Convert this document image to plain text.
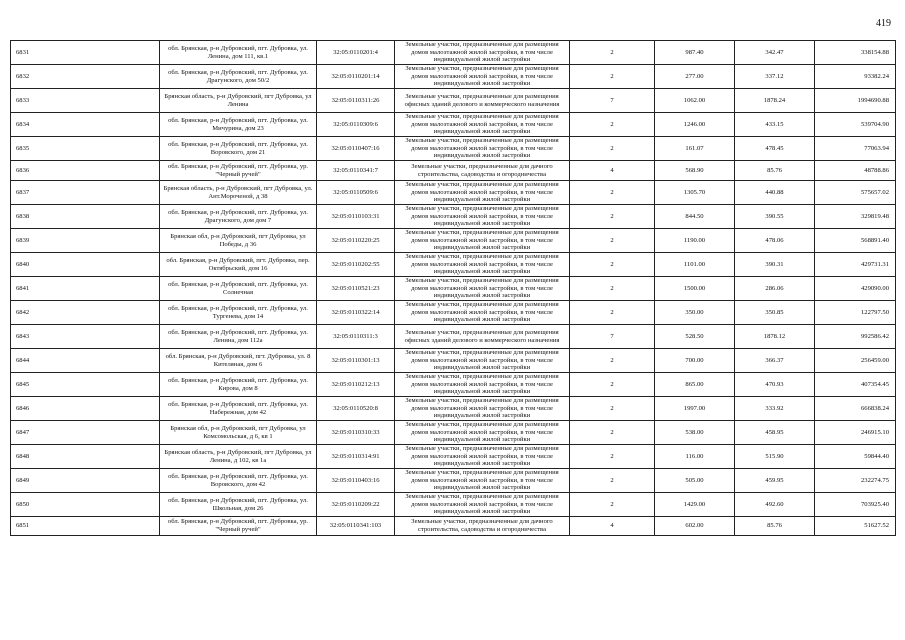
419
6831	обл. Брянская, р-н Дубровский, пгт. Дубровка, ул. Ленина, дом 111, кв.1	32:05:0110201:4	Земельные участки, предназначенные для размещения домов малоэтажной жилой застройки, в том числе индивидуальной жилой застройки	2	987.40	342.47	338154.88
6832	обл. Брянская, р-н Дубровский, пгт. Дубровка, ул. Драгунского, дом 50/2	32:05:0110201:14	Земельные участки, предназначенные для размещения домов малоэтажной жилой застройки, в том числе индивидуальной жилой застройки	2	277.00	337.12	93382.24
6833	Брянская область, р-н Дубровский, пгт Дубровка, ул Ленина	32:05:0110311:26	Земельные участки, предназначенные для размещения офисных зданий делового и коммерческого назначения	7	1062.00	1878.24	1994690.88
6834	обл. Брянская, р-н Дубровский, пгт. Дубровка, ул. Мичурина, дом 23	32:05:0110309:6	Земельные участки, предназначенные для размещения домов малоэтажной жилой застройки, в том числе индивидуальной жилой застройки	2	1246.00	433.15	539704.90
6835	обл. Брянская, р-н Дубровский, пгт. Дубровка, ул. Воровского, дом 21	32:05:0110407:16	Земельные участки, предназначенные для размещения домов малоэтажной жилой застройки, в том числе индивидуальной жилой застройки	2	161.07	478.45	77063.94
6836	обл. Брянская, р-н Дубровский, пгт. Дубровка, ур. "Черный ручей"	32:05:0110341:7	Земельные участки, предназначенные для дачного строительства, садоводства и огородничества	4	568.90	85.76	48788.86
6837	Брянская область, р-н Дубровский, пгт Дубровка, ул. Ант.Мороченой, д 38	32:05:0110509:6	Земельные участки, предназначенные для размещения домов малоэтажной жилой застройки, в том числе индивидуальной жилой застройки	2	1305.70	440.88	575657.02
6838	обл. Брянская, р-н Дубровский, пгт. Дубровка, ул. Драгунского, дом дом 7	32:05:0110103:31	Земельные участки, предназначенные для размещения домов малоэтажной жилой застройки, в том числе индивидуальной жилой застройки	2	844.50	390.55	329819.48
6839	Брянская обл, р-н Дубровский, пгт Дубровка, ул Победы, д 36	32:05:0110220:25	Земельные участки, предназначенные для размещения домов малоэтажной жилой застройки, в том числе индивидуальной жилой застройки	2	1190.00	478.06	568891.40
6840	обл. Брянская, р-н Дубровский, пгт. Дубровка, пер. Октябрьский, дом 16	32:05:0110202:55	Земельные участки, предназначенные для размещения домов малоэтажной жилой застройки, в том числе индивидуальной жилой застройки	2	1101.00	390.31	429731.31
6841	обл. Брянская, р-н Дубровский, пгт. Дубровка, ул. Солнечная	32:05:0110521:23	Земельные участки, предназначенные для размещения домов малоэтажной жилой застройки, в том числе индивидуальной жилой застройки	2	1500.00	286.06	429090.00
6842	обл. Брянская, р-н Дубровский, пгт. Дубровка, ул. Тургенева, дом 14	32:05:0110322:14	Земельные участки, предназначенные для размещения домов малоэтажной жилой застройки, в том числе индивидуальной жилой застройки	2	350.00	350.85	122797.50
6843	обл. Брянская, р-н Дубровский, пгт. Дубровка, ул. Ленина, дом 112а	32:05:0110311:3	Земельные участки, предназначенные для размещения офисных зданий делового и коммерческого назначения	7	528.50	1878.12	992586.42
6844	обл. Брянская, р-н Дубровский, пгт. Дубровка, ул. 8 Кителяная, дом 6	32:05:0110301:13	Земельные участки, предназначенные для размещения домов малоэтажной жилой застройки, в том числе индивидуальной жилой застройки	2	700.00	366.37	256459.00
6845	обл. Брянская, р-н Дубровский, пгт. Дубровка, ул. Кирова, дом 8	32:05:0110212:13	Земельные участки, предназначенные для размещения домов малоэтажной жилой застройки, в том числе индивидуальной жилой застройки	2	865.00	470.93	407354.45
6846	обл. Брянская, р-н Дубровский, пгт. Дубровка, ул. Набережная, дом 42	32:05:0110520:8	Земельные участки, предназначенные для размещения домов малоэтажной жилой застройки, в том числе индивидуальной жилой застройки	2	1997.00	333.92	666838.24
6847	Брянская обл, р-н Дубровский, пгт Дубровка, ул Комсомольская, д 6, кв 1	32:05:0110310:33	Земельные участки, предназначенные для размещения домов малоэтажной жилой застройки, в том числе индивидуальной жилой застройки	2	538.00	458.95	246915.10
6848	Брянская область, р-н Дубровский, пгт Дубровка, ул Ленина, д 102, кв 1а	32:05:0110314:91	Земельные участки, предназначенные для размещения домов малоэтажной жилой застройки, в том числе индивидуальной жилой застройки	2	116.00	515.90	59844.40
6849	обл. Брянская, р-н Дубровский, пгт. Дубровка, ул. Воровского, дом 42	32:05:0110403:16	Земельные участки, предназначенные для размещения домов малоэтажной жилой застройки, в том числе индивидуальной жилой застройки	2	505.00	459.95	232274.75
6850	обл. Брянская, р-н Дубровский, пгт. Дубровка, ул. Школьная, дом 26	32:05:0110209:22	Земельные участки, предназначенные для размещения домов малоэтажной жилой застройки, в том числе индивидуальной жилой застройки	2	1429.00	492.60	703925.40
6851	обл. Брянская, р-н Дубровский, пгт. Дубровка, ур. "Черный ручей"	32:05:0110341:103	Земельные участки, предназначенные для дачного строительства, садоводства и огородничества	4	602.00	85.76	51627.52
